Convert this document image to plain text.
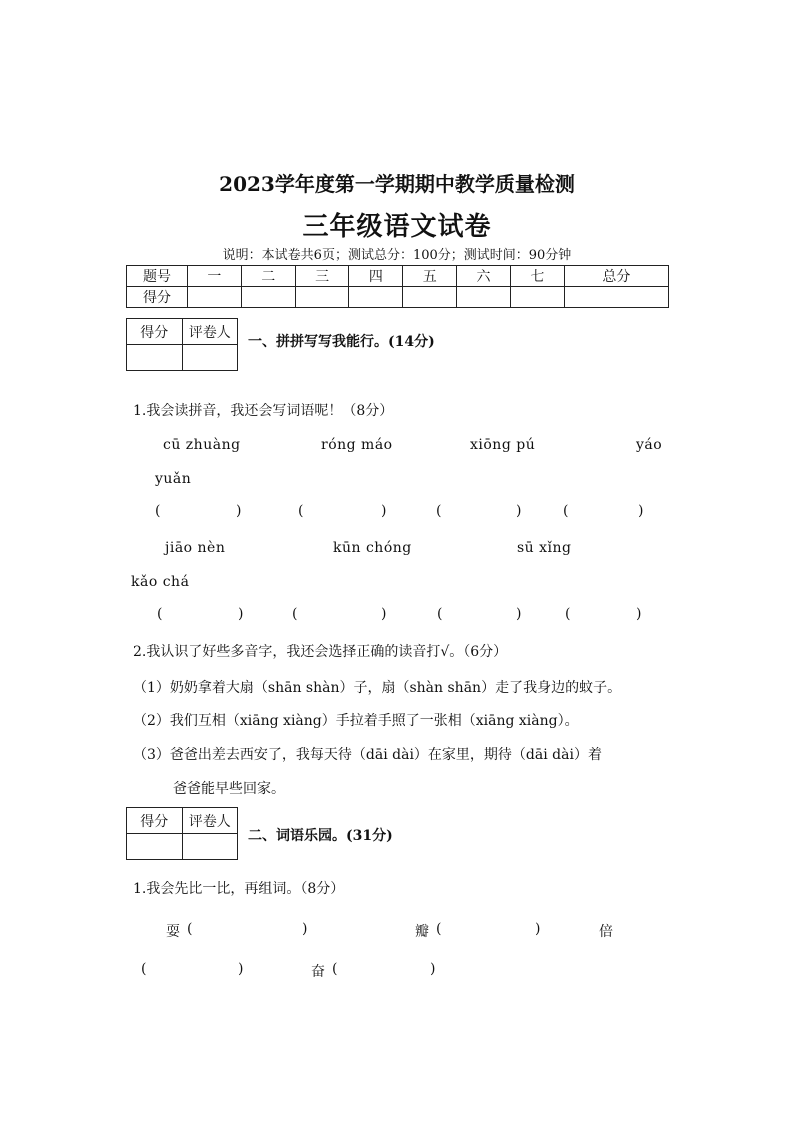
2023学年度第一学期期中教学质量检测
三年级语文试卷
说明：本试卷共6页；测试总分：100分；测试时间：90分钟
题号	一	二	三	四	五	六	七	总分
得分								
得分	评卷人

一、拼拼写写我能行。(14分)
1.我会读拼音，我还会写词语呢！（8分）
cū zhuàng	róng máo	xiōng pú	yáo
yuǎn
(	)	(	)	(	)	(	)
jiāo nèn	kūn chóng	sū xǐng
kǎo chá
(	)	(	)	(	)	(	)
2.我认识了好些多音字，我还会选择正确的读音打√。（6分）
（1）奶奶拿着大扇（shān shàn）子，扇（shàn shān）走了我身边的蚊子。
（2）我们互相（xiāng xiàng）手拉着手照了一张相（xiāng xiàng）。
（3）爸爸出差去西安了，我每天待（dāi dài）在家里，期待（dāi dài）着
爸爸能早些回家。
得分	评卷人

二、词语乐园。(31分)
1.我会先比一比，再组词。（8分）
耍 (	)	瓣 (	)	倍
(	)	奋 (	)
